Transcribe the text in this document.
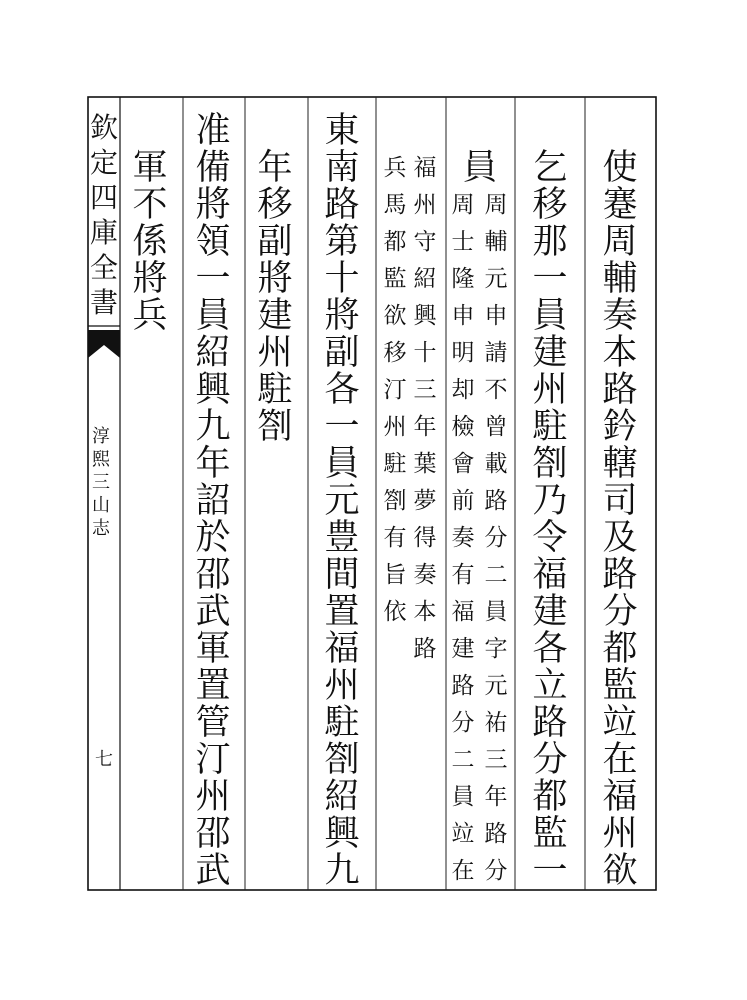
欽定四庫全書
淳熙三山志
七
使蹇周輔奏本路鈐轄司及路分都監竝在福州欲
乞移那一員建州駐劄乃令福建各立路分都監一
員
周輔元申請不曾載路分二員字元祐三年路分
周士隆申明却檢會前奏有福建路分二員竝在
福州守紹興十三年葉夢得奏本路
兵馬都監欲移汀州駐劄有旨依
東南路第十將副各一員元豊間置福州駐劄紹興九
年移副將建州駐劄
准備將領一員紹興九年詔於邵武軍置管汀州邵武
軍不係將兵
